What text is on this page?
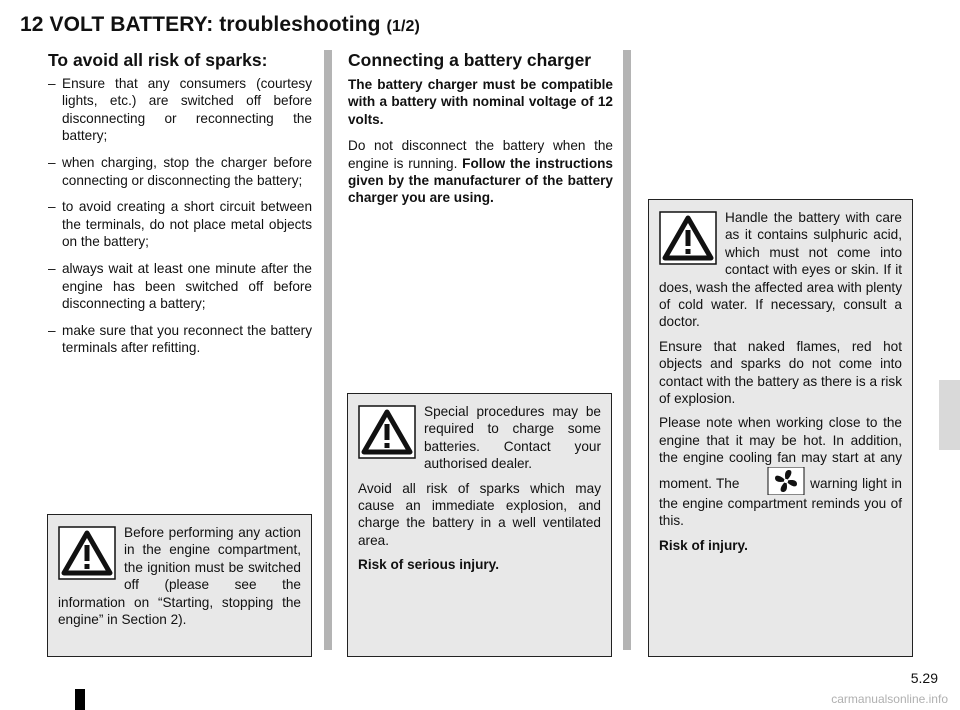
12 VOLT BATTERY: troubleshooting (1/2)
To avoid all risk of sparks:
– Ensure that any consumers (courtesy lights, etc.) are switched off before disconnecting or reconnecting the battery;
– when charging, stop the charger before connecting or disconnecting the battery;
– to avoid creating a short circuit between the terminals, do not place metal objects on the battery;
– always wait at least one minute after the engine has been switched off before disconnecting a battery;
– make sure that you reconnect the battery terminals after refitting.
Before performing any action in the engine compartment, the ignition must be switched off (please see the information on “Starting, stopping the engine” in Section 2).
Connecting a battery charger
The battery charger must be compatible with a battery with nominal voltage of 12 volts.
Do not disconnect the battery when the engine is running. Follow the instructions given by the manufacturer of the battery charger you are using.

Special procedures may be required to charge some batteries. Contact your authorised dealer.

Avoid all risk of sparks which may cause an immediate explosion, and charge the battery in a well ventilated area.

Risk of serious injury.

Handle the battery with care as it contains sulphuric acid, which must not come into contact with eyes or skin. If it does, wash the affected area with plenty of cold water. If necessary, consult a doctor.

Ensure that naked flames, red hot objects and sparks do not come into contact with the battery as there is a risk of explosion.

Please note when working close to the engine that it may be hot. In addition, the engine cooling fan may start at any moment. The	warning light in the engine compartment reminds you of this.

Risk of injury.

5.29
carmanualsonline.info
